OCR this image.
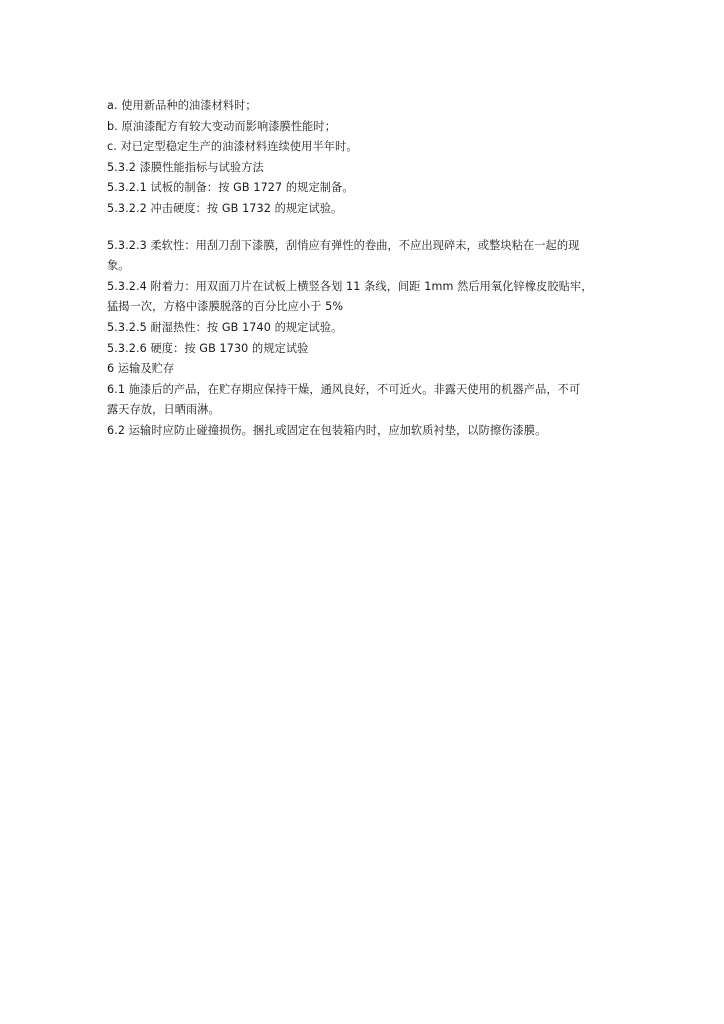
a. 使用新品种的油漆材料时；
b. 原油漆配方有较大变动而影响漆膜性能时；
c. 对已定型稳定生产的油漆材料连续使用半年时。
5.3.2 漆膜性能指标与试验方法
5.3.2.1 试板的制备：按 GB 1727 的规定制备。
5.3.2.2 冲击硬度：按 GB 1732 的规定试验。
5.3.2.3 柔软性：用刮刀刮下漆膜，刮悄应有弹性的卷曲，不应出现碎末，或整块粘在一起的现
象。
5.3.2.4 附着力：用双面刀片在试板上横竖各划 11 条线，间距 1mm 然后用氧化锌橡皮胶贴牢，
猛揭一次，方格中漆膜脱落的百分比应小于 5%
5.3.2.5 耐湿热性：按 GB 1740 的规定试验。
5.3.2.6 硬度：按 GB 1730 的规定试验
6 运输及贮存
6.1 施漆后的产品，在贮存期应保持干燥，通风良好，不可近火。非露天使用的机器产品，不可
露天存放，日晒雨淋。
6.2 运输时应防止碰撞损伤。捆扎或固定在包装箱内时，应加软质衬垫，以防擦伤漆膜。
